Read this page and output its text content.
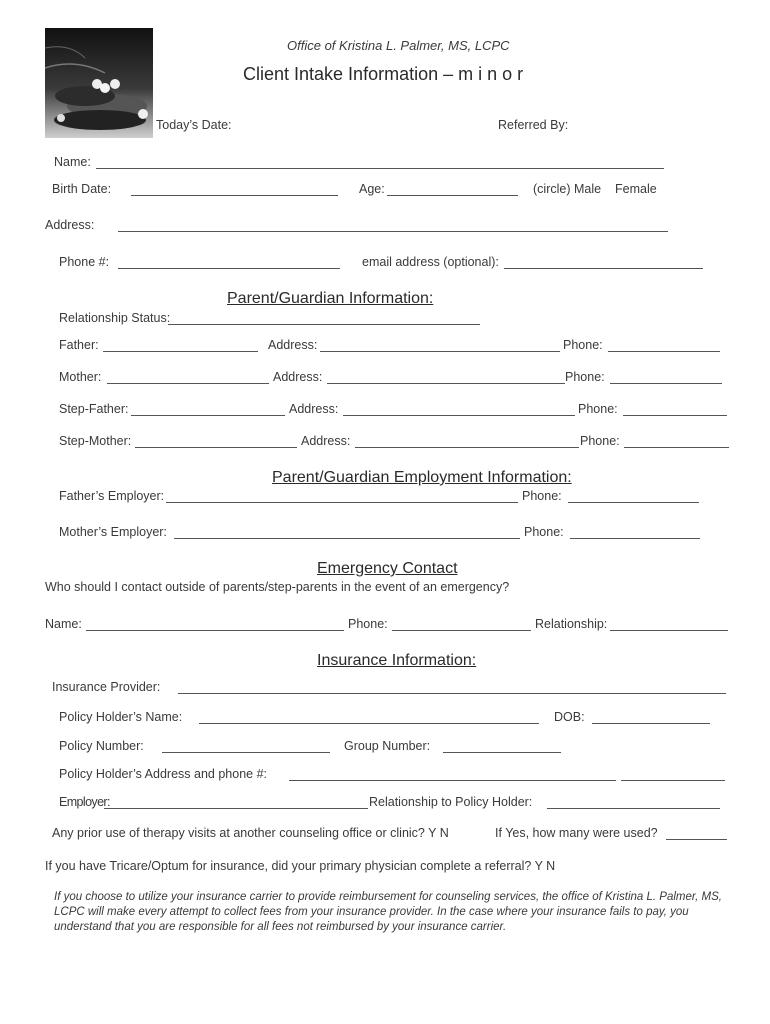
Office of Kristina L. Palmer, MS, LCPC
Client Intake Information – m i n o r
Today’s Date:	Referred By:
Name:
Birth Date:	Age:	(circle) Male Female
Address:
Phone #:	email address (optional):
Parent/Guardian Information:
Relationship Status:
Father:	Address:	Phone:
Mother:	Address:	Phone:
Step-Father:	Address:	Phone:
Step-Mother:	Address:	Phone:
Parent/Guardian Employment Information:
Father’s Employer:	Phone:
Mother’s Employer:	Phone:
Emergency Contact
Who should I contact outside of parents/step-parents in the event of an emergency?
Name:	Phone:	Relationship:
Insurance Information:
Insurance Provider:
Policy Holder’s Name:	DOB:
Policy Number:	Group Number:
Policy Holder’s Address and phone #:
Employer:	Relationship to Policy Holder:
Any prior use of therapy visits at another counseling office or clinic? Y N	If Yes, how many were used?
If you have Tricare/Optum for insurance, did your primary physician complete a referral? Y N
If you choose to utilize your insurance carrier to provide reimbursement for counseling services, the office of Kristina L. Palmer, MS, LCPC will make every attempt to collect fees from your insurance provider. In the case where your insurance fails to pay, you understand that you are responsible for all fees not reimbursed by your insurance carrier.
